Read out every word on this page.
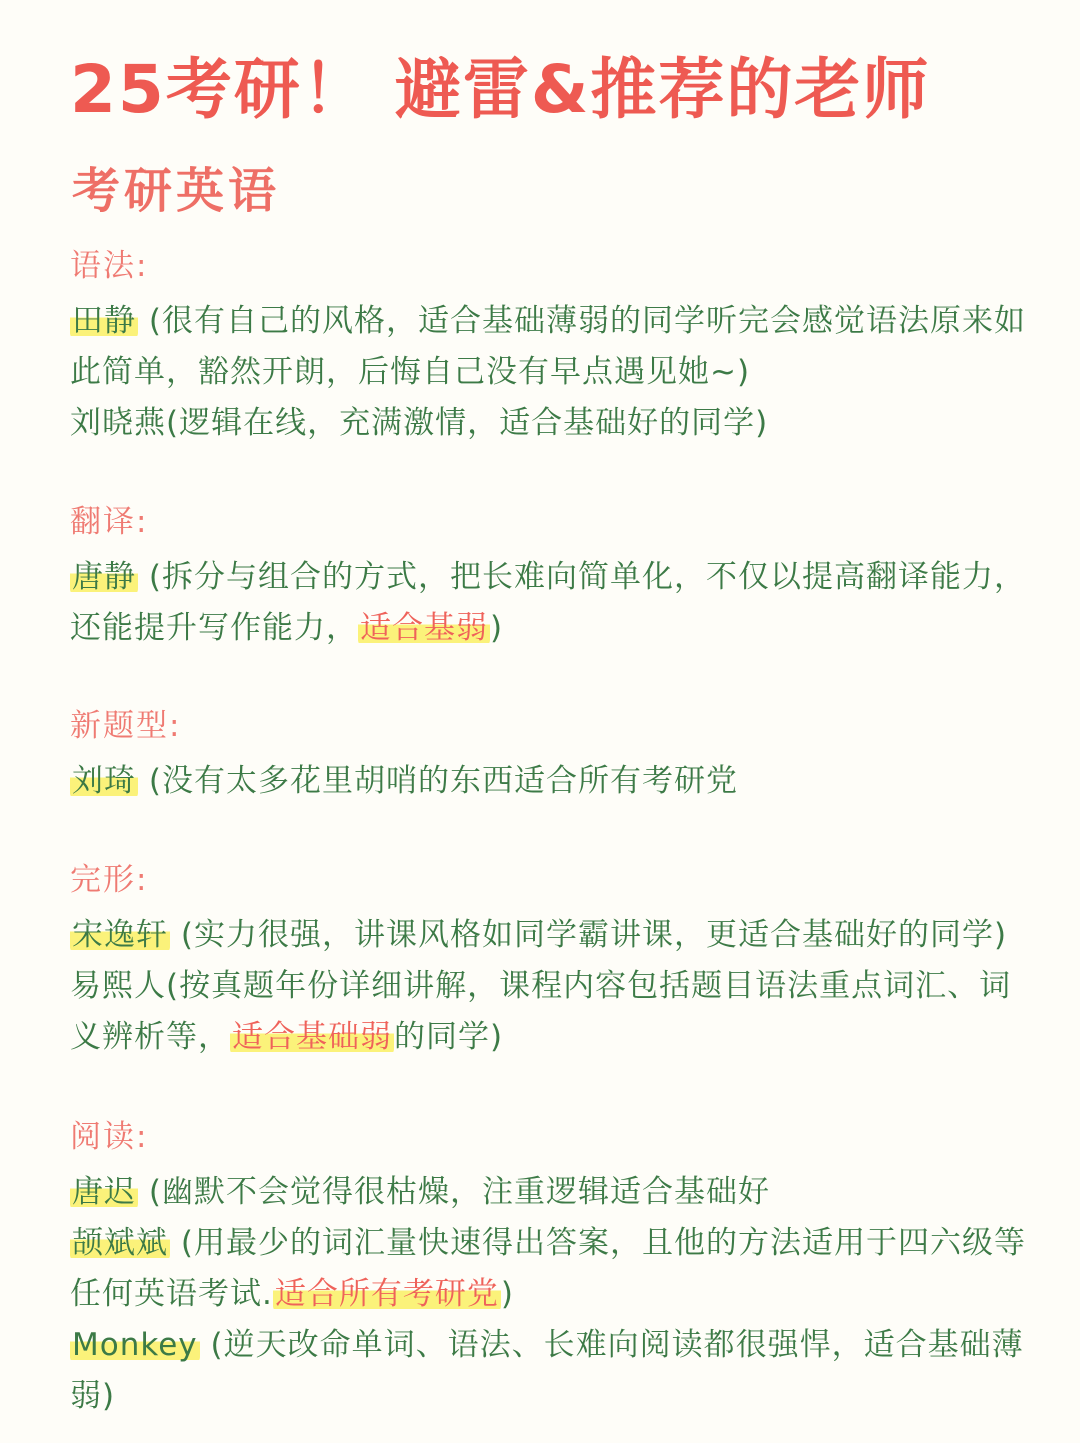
25考研！ 避雷&推荐的老师
考研英语
语法:
田静 (很有自己的风格，适合基础薄弱的同学听完会感觉语法原来如此简单，豁然开朗，后悔自己没有早点遇见她~)
刘晓燕(逻辑在线，充满激情，适合基础好的同学)
翻译:
唐静 (拆分与组合的方式，把长难向简单化，不仅以提高翻译能力，还能提升写作能力，适合基弱)
新题型:
刘琦 (没有太多花里胡哨的东西适合所有考研党
完形:
宋逸轩 (实力很强，讲课风格如同学霸讲课，更适合基础好的同学)易熙人(按真题年份详细讲解，课程内容包括题目语法重点词汇、词义辨析等，适合基础弱的同学)
阅读:
唐迟 (幽默不会觉得很枯燥，注重逻辑适合基础好
颉斌斌 (用最少的词汇量快速得出答案，且他的方法适用于四六级等任何英语考试.适合所有考研党)
Monkey (逆天改命单词、语法、长难向阅读都很强悍，适合基础薄弱)
